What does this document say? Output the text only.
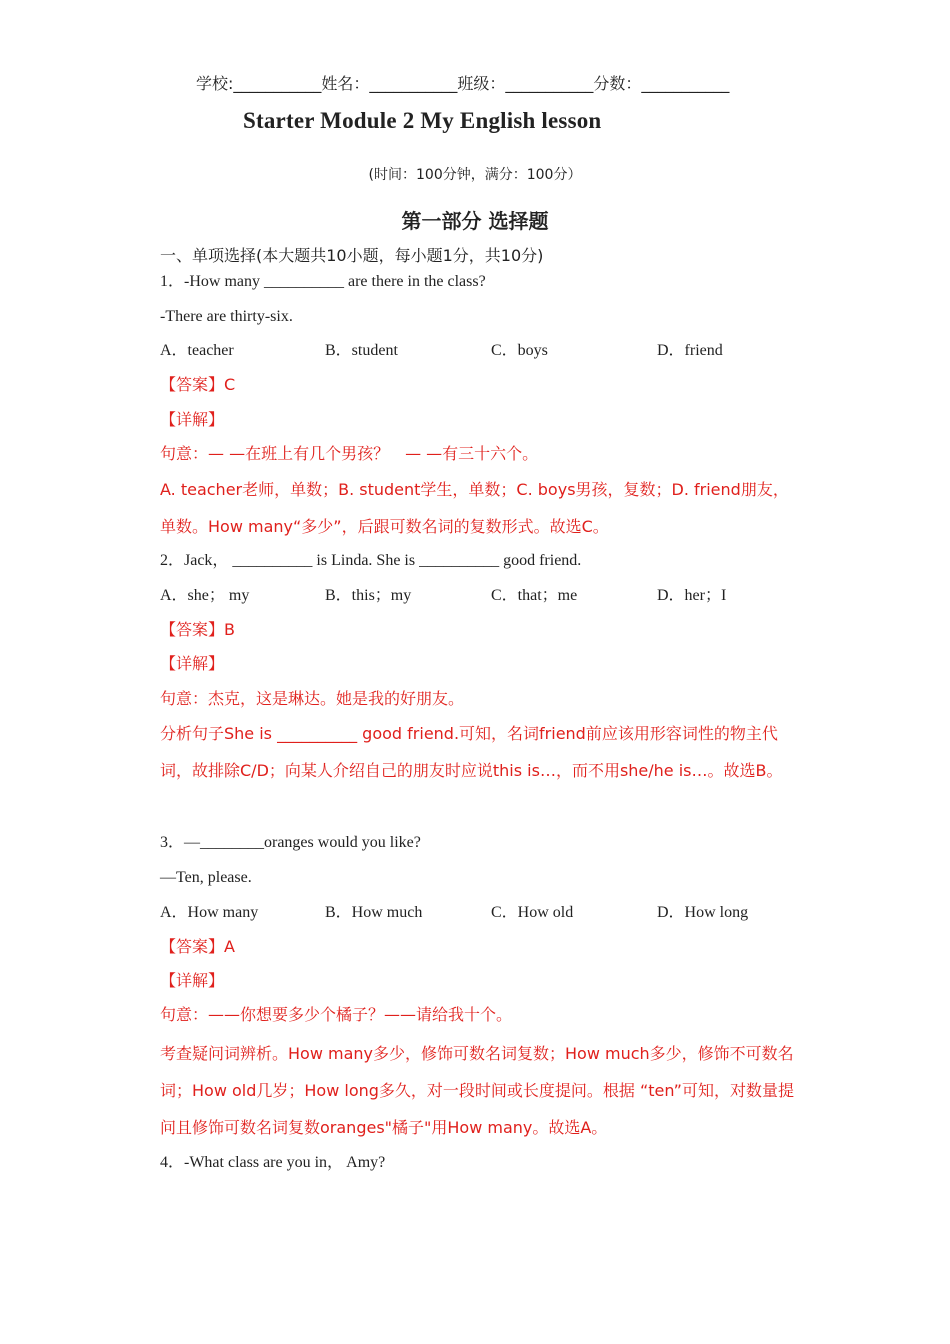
学校:___________姓名：___________班级：___________分数：___________
Starter Module 2 My English lesson
(时间：100分钟，满分：100分）
第一部分 选择题
一、单项选择(本大题共10小题，每小题1分，共10分)
1．-How many __________ are there in the class?
-There are thirty-six.
A．teacher	B．student	C．boys	D．friend
【答案】C
【详解】
句意：— —在班上有几个男孩？　— —有三十六个。
A. teacher老师，单数；B. student学生，单数；C. boys男孩，复数；D. friend朋友，单数。How many“多少”，后跟可数名词的复数形式。故选C。
2．Jack， __________ is Linda. She is __________ good friend.
A．she； my	B．this；my	C．that；me	D．her；I
【答案】B
【详解】
句意：杰克，这是琳达。她是我的好朋友。
分析句子She is __________ good friend.可知，名词friend前应该用形容词性的物主代词，故排除C/D；向某人介绍自己的朋友时应说this is…，而不用she/he is…。故选B。
3．—________oranges would you like?
—Ten, please.
A．How many	B．How much	C．How old	D．How long
【答案】A
【详解】
句意：——你想要多少个橘子？——请给我十个。
考查疑问词辨析。How many多少，修饰可数名词复数；How much多少，修饰不可数名词；How old几岁；How long多久，对一段时间或长度提问。根据 “ten”可知，对数量提问且修饰可数名词复数oranges"橘子"用How many。故选A。
4．-What class are you in， Amy?
